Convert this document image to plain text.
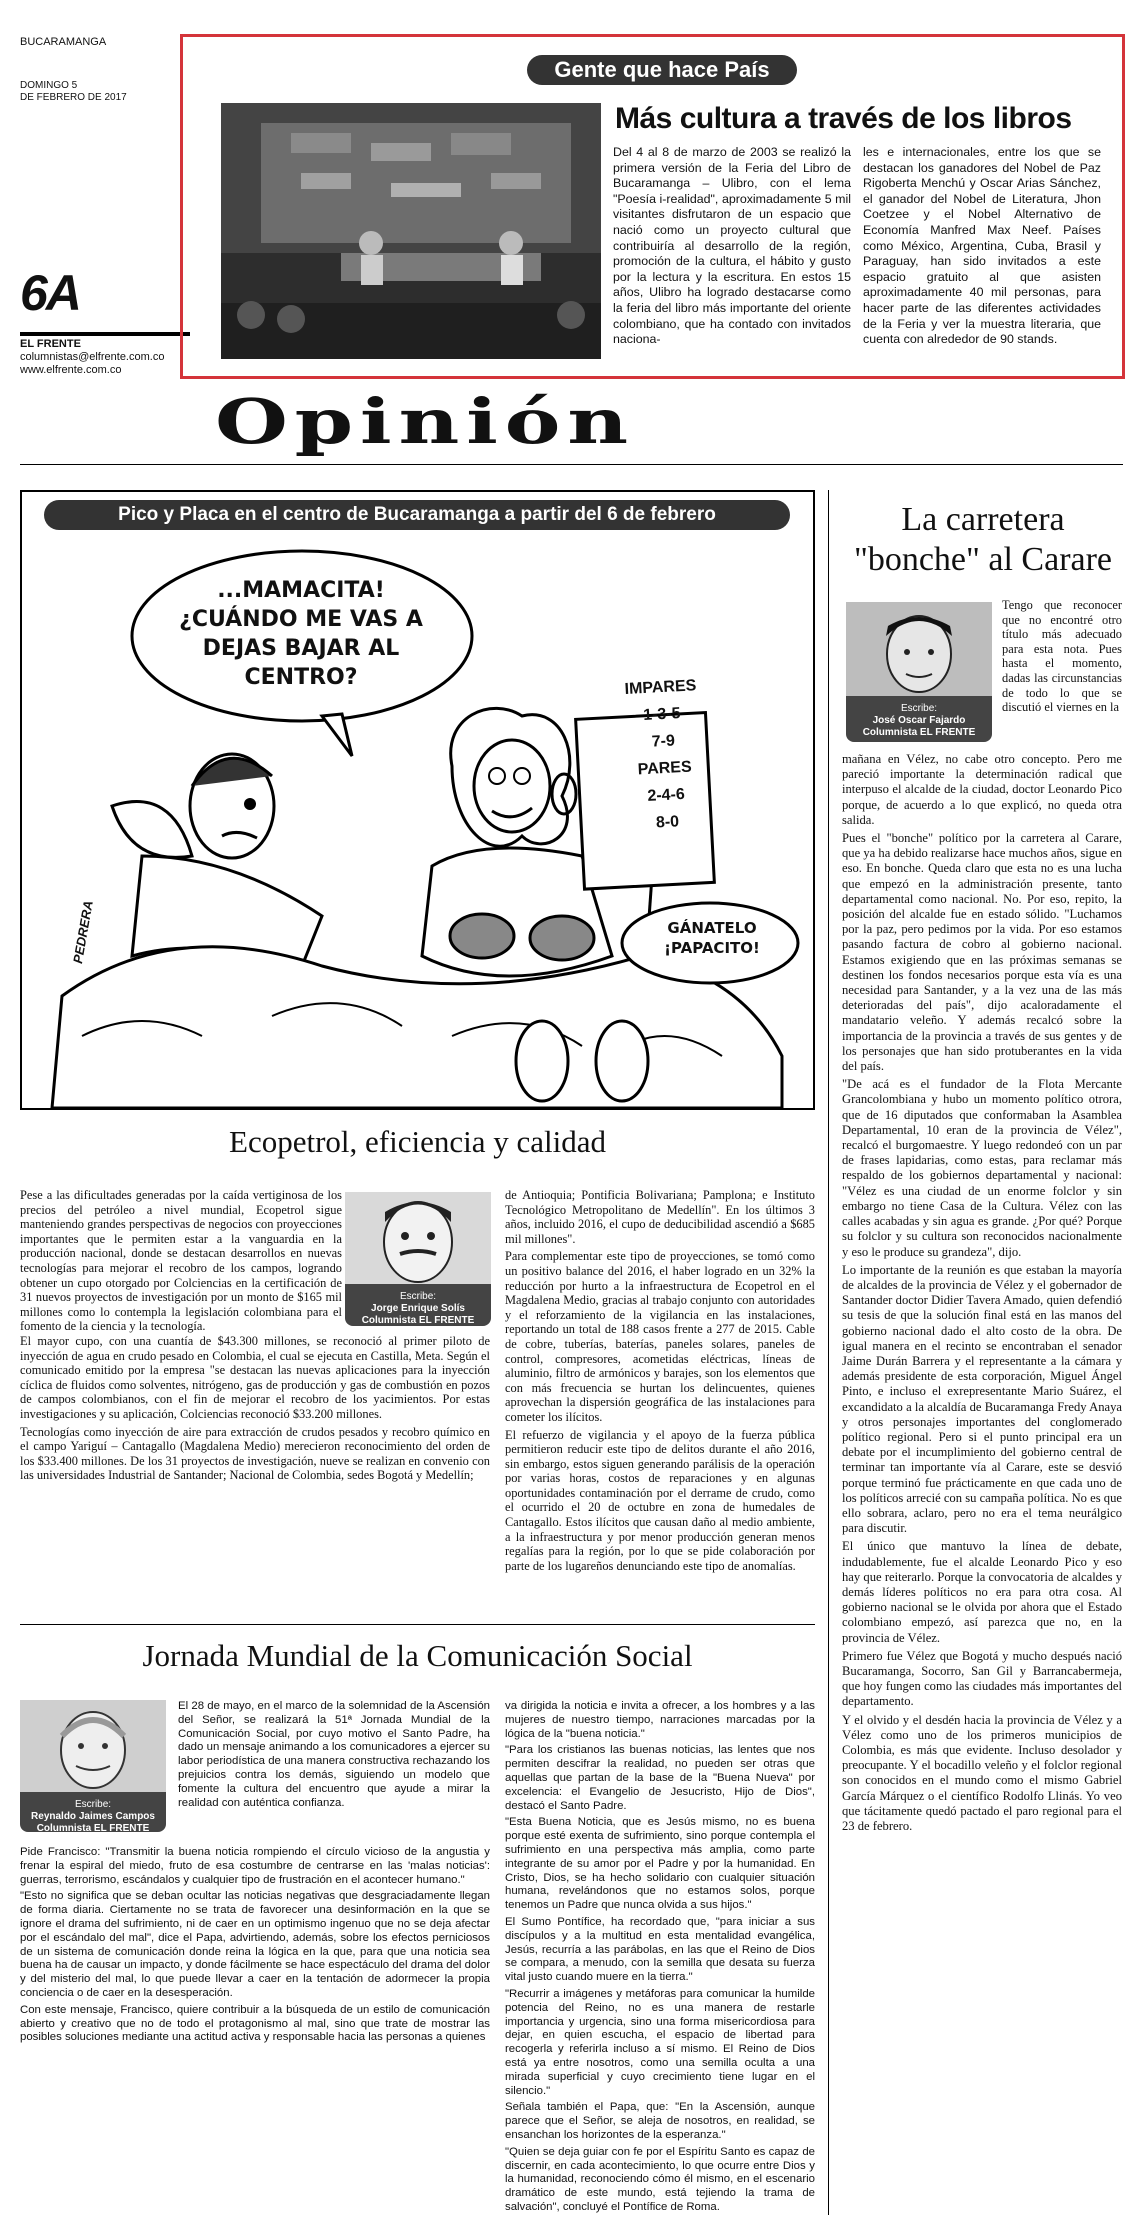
BUCARAMANGA
DOMINGO 5
DE FEBRERO DE 2017
6A
EL FRENTE
columnistas@elfrente.com.co
www.elfrente.com.co
Gente que hace País
Más cultura a través de los libros
Del 4 al 8 de marzo de 2003 se realizó la primera versión de la Feria del Libro de Bucaramanga – Ulibro, con el lema "Poesía i-realidad", aproximadamente 5 mil visitantes disfrutaron de un espacio que nació como un proyecto cultural que contribuiría al desarrollo de la región, promoción de la cultura, el hábito y gusto por la lectura y la escritura. En estos 15 años, Ulibro ha logrado destacarse como la feria del libro más importante del oriente colombiano, que ha contado con invitados naciona-
les e internacionales, entre los que se destacan los ganadores del Nobel de Paz Rigoberta Menchú y Oscar Arias Sánchez, el ganador del Nobel de Literatura, Jhon Coetzee y el Nobel Alternativo de Economía Manfred Max Neef. Países como México, Argentina, Cuba, Brasil y Paraguay, han sido invitados a este espacio gratuito al que asisten aproximadamente 40 mil personas, para hacer parte de las diferentes actividades de la Feria y ver la muestra literaria, que cuenta con alrededor de 90 stands.
Opinión
Pico y Placa en el centro de Bucaramanga a partir del 6 de febrero
...MAMACITA! ¿CUÁNDO ME VAS A DEJAS BAJAR AL CENTRO?	IMPARES
1-3-5
7-9
PARES
2-4-6
8-0
GÁNATELO ¡PAPACITO!
PEDRERA
Ecopetrol, eficiencia y calidad
Escribe:
Jorge Enrique Solís
Columnista EL FRENTE

Pese a las dificultades generadas por la caída vertiginosa de los precios del petróleo a nivel mundial, Ecopetrol sigue manteniendo grandes perspectivas de negocios con proyecciones importantes que le permiten estar a la vanguardia en la producción nacional, donde se destacan desarrollos en nuevas tecnologías para mejorar el recobro de los campos, logrando obtener un cupo otorgado por Colciencias en la certificación de 31 nuevos proyectos de investigación por un monto de $165 mil millones como lo contempla la legislación colombiana para el fomento de la ciencia y la tecnología.

El mayor cupo, con una cuantía de $43.300 millones, se reconoció al primer piloto de inyección de agua en crudo pesado en Colombia, el cual se ejecuta en Castilla, Meta. Según el comunicado emitido por la empresa "se destacan las nuevas aplicaciones para la inyección cíclica de fluidos como solventes, nitrógeno, gas de producción y gas de combustión en pozos de campos colombianos, con el fin de mejorar el recobro de los yacimientos. Por estas investigaciones y su aplicación, Colciencias reconoció $33.200 millones.

Tecnologías como inyección de aire para extracción de crudos pesados y recobro químico en el campo Yariguí – Cantagallo (Magdalena Medio) merecieron reconocimiento del orden de los $33.400 millones. De los 31 proyectos de investigación, nueve se realizan en convenio con las universidades Industrial de Santander; Nacional de Colombia, sedes Bogotá y Medellín;

de Antioquia; Pontificia Bolivariana; Pamplona; e Instituto Tecnológico Metropolitano de Medellín". En los últimos 3 años, incluido 2016, el cupo de deducibilidad ascendió a $685 mil millones".

Para complementar este tipo de proyecciones, se tomó como un positivo balance del 2016, el haber logrado en un 32% la reducción por hurto a la infraestructura de Ecopetrol en el Magdalena Medio, gracias al trabajo conjunto con autoridades y el reforzamiento de la vigilancia en las instalaciones, reportando un total de 188 casos frente a 277 de 2015. Cable de cobre, tuberías, baterías, paneles solares, paneles de control, compresores, acometidas eléctricas, líneas de aluminio, filtro de armónicos y barajes, son los elementos que con más frecuencia se hurtan los delincuentes, quienes aprovechan la dispersión geográfica de las instalaciones para cometer los ilícitos.

El refuerzo de vigilancia y el apoyo de la fuerza pública permitieron reducir este tipo de delitos durante el año 2016, sin embargo, estos siguen generando parálisis de la operación por varias horas, costos de reparaciones y en algunas oportunidades contaminación por el derrame de crudo, como el ocurrido el 20 de octubre en zona de humedales de Cantagallo. Estos ilícitos que causan daño al medio ambiente, a la infraestructura y por menor producción generan menos regalías para la región, por lo que se pide colaboración por parte de los lugareños denunciando este tipo de anomalías.

Jornada Mundial de la Comunicación Social
Escribe:
Reynaldo Jaimes Campos
Columnista EL FRENTE

El 28 de mayo, en el marco de la solemnidad de la Ascensión del Señor, se realizará la 51ª Jornada Mundial de la Comunicación Social, por cuyo motivo el Santo Padre, ha dado un mensaje animando a los comunicadores a ejercer su labor periodística de una manera constructiva rechazando los prejuicios contra los demás, siguiendo un modelo que fomente la cultura del encuentro que ayude a mirar la realidad con auténtica confianza.

Pide Francisco: "Transmitir la buena noticia rompiendo el círculo vicioso de la angustia y frenar la espiral del miedo, fruto de esa costumbre de centrarse en las 'malas noticias': guerras, terrorismo, escándalos y cualquier tipo de frustración en el acontecer humano."

"Esto no significa que se deban ocultar las noticias negativas que desgraciadamente llegan de forma diaria. Ciertamente no se trata de favorecer una desinformación en la que se ignore el drama del sufrimiento, ni de caer en un optimismo ingenuo que no se deja afectar por el escándalo del mal", dice el Papa, advirtiendo, además, sobre los efectos perniciosos de un sistema de comunicación donde reina la lógica en la que, para que una noticia sea buena ha de causar un impacto, y donde fácilmente se hace espectáculo del drama del dolor y del misterio del mal, lo que puede llevar a caer en la tentación de adormecer la propia conciencia o de caer en la desesperación.

Con este mensaje, Francisco, quiere contribuir a la búsqueda de un estilo de comunicación abierto y creativo que no de todo el protagonismo al mal, sino que trate de mostrar las posibles soluciones mediante una actitud activa y responsable hacia las personas a quienes

va dirigida la noticia e invita a ofrecer, a los hombres y a las mujeres de nuestro tiempo, narraciones marcadas por la lógica de la "buena noticia."

"Para los cristianos las buenas noticias, las lentes que nos permiten descifrar la realidad, no pueden ser otras que aquellas que partan de la base de la "Buena Nueva" por excelencia: el Evangelio de Jesucristo, Hijo de Dios", destacó el Santo Padre.

"Esta Buena Noticia, que es Jesús mismo, no es buena porque esté exenta de sufrimiento, sino porque contempla el sufrimiento en una perspectiva más amplia, como parte integrante de su amor por el Padre y por la humanidad. En Cristo, Dios, se ha hecho solidario con cualquier situación humana, revelándonos que no estamos solos, porque tenemos un Padre que nunca olvida a sus hijos."

El Sumo Pontífice, ha recordado que, "para iniciar a sus discípulos y a la multitud en esta mentalidad evangélica, Jesús, recurría a las parábolas, en las que el Reino de Dios se compara, a menudo, con la semilla que desata su fuerza vital justo cuando muere en la tierra."

"Recurrir a imágenes y metáforas para comunicar la humilde potencia del Reino, no es una manera de restarle importancia y urgencia, sino una forma misericordiosa para dejar, en quien escucha, el espacio de libertad para recogerla y referirla incluso a sí mismo. El Reino de Dios está ya entre nosotros, como una semilla oculta a una mirada superficial y cuyo crecimiento tiene lugar en el silencio."

Señala también el Papa, que: "En la Ascensión, aunque parece que el Señor, se aleja de nosotros, en realidad, se ensanchan los horizontes de la esperanza."

"Quien se deja guiar con fe por el Espíritu Santo es capaz de discernir, en cada acontecimiento, lo que ocurre entre Dios y la humanidad, reconociendo cómo él mismo, en el escenario dramático de este mundo, está tejiendo la trama de salvación", concluyé el Pontífice de Roma.

La carretera
"bonche" al Carare
Escribe:
José Oscar Fajardo
Columnista EL FRENTE

Tengo que reconocer que no encontré otro título más adecuado para esta nota. Pues hasta el momento, dadas las circunstancias de todo lo que se discutió el viernes en la

mañana en Vélez, no cabe otro concepto. Pero me pareció importante la determinación radical que interpuso el alcalde de la ciudad, doctor Leonardo Pico porque, de acuerdo a lo que explicó, no queda otra salida.

Pues el "bonche" político por la carretera al Carare, que ya ha debido realizarse hace muchos años, sigue en eso. En bonche. Queda claro que esta no es una lucha que empezó en la administración presente, tanto departamental como nacional. No. Por eso, repito, la posición del alcalde fue en estado sólido. "Luchamos por la paz, pero pedimos por la vida. Por eso estamos pasando factura de cobro al gobierno nacional. Estamos exigiendo que en las próximas semanas se destinen los fondos necesarios porque esta vía es una necesidad para Santander, y a la vez una de las más deterioradas del país", dijo acaloradamente el mandatario veleño. Y además recalcó sobre la importancia de la provincia a través de sus gentes y de los personajes que han sido protuberantes en la vida del país.

"De acá es el fundador de la Flota Mercante Grancolombiana y hubo un momento político otrora, que de 16 diputados que conformaban la Asamblea Departamental, 10 eran de la provincia de Vélez", recalcó el burgomaestre. Y luego redondeó con un par de frases lapidarias, como estas, para reclamar más respaldo de los gobiernos departamental y nacional: "Vélez es una ciudad de un enorme folclor y sin embargo no tiene Casa de la Cultura. Vélez con las calles acabadas y sin agua es grande. ¿Por qué? Porque su folclor y su cultura son reconocidos nacionalmente y eso le produce su grandeza", dijo.

Lo importante de la reunión es que estaban la mayoría de alcaldes de la provincia de Vélez y el gobernador de Santander doctor Didier Tavera Amado, quien defendió su tesis de que la solución final está en las manos del gobierno nacional dado el alto costo de la obra. De igual manera en el recinto se encontraban el senador Jaime Durán Barrera y el representante a la cámara y además presidente de esta corporación, Miguel Ángel Pinto, e incluso el exrepresentante Mario Suárez, el excandidato a la alcaldía de Bucaramanga Fredy Anaya y otros personajes importantes del conglomerado político regional. Pero si el punto principal era un debate por el incumplimiento del gobierno central de terminar tan importante vía al Carare, este se desvió porque terminó fue prácticamente en que cada uno de los políticos arrecié con su campaña política. No es que ello sobrara, aclaro, pero no era el tema neurálgico para discutir.

El único que mantuvo la línea de debate, indudablemente, fue el alcalde Leonardo Pico y eso hay que reiterarlo. Porque la convocatoria de alcaldes y demás líderes políticos no era para otra cosa. Al gobierno nacional se le olvida por ahora que el Estado colombiano empezó, así parezca que no, en la provincia de Vélez.

Primero fue Vélez que Bogotá y mucho después nació Bucaramanga, Socorro, San Gil y Barrancabermeja, que hoy fungen como las ciudades más importantes del departamento.

Y el olvido y el desdén hacia la provincia de Vélez y a Vélez como uno de los primeros municipios de Colombia, es más que evidente. Incluso desolador y preocupante. Y el bocadillo veleño y el folclor regional son conocidos en el mundo como el mismo Gabriel García Márquez o el científico Rodolfo Llinás. Yo veo que tácitamente quedó pactado el paro regional para el 23 de febrero.
